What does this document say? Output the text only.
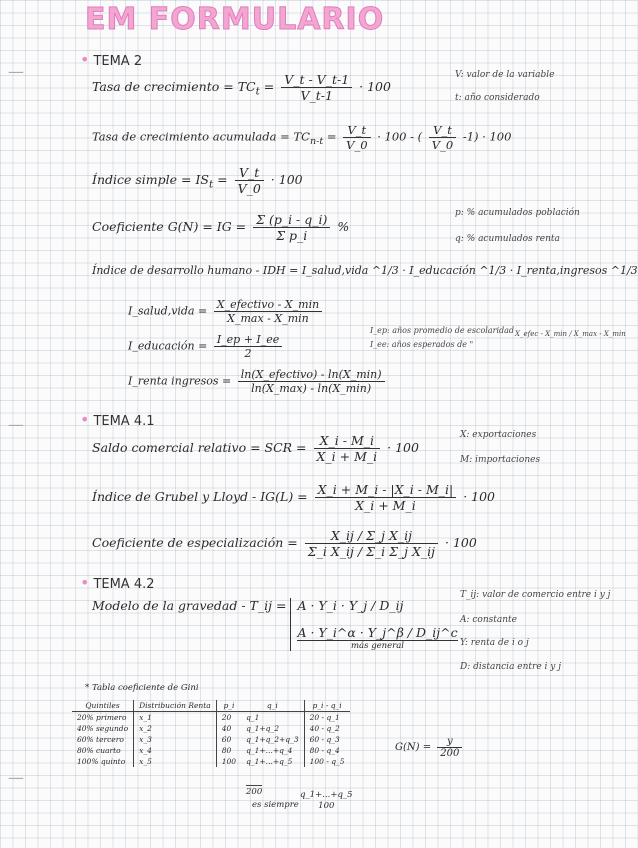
EM FORMULARIO
—
—
—
• TEMA 2
Tasa de crecimiento = $TC_t = \frac{V\_t - V\_t-1}{V\_t-1} \cdot 100$
V: valor de la variable
t: año considerado
Tasa de crecimiento acumulada = $TC_{n-t} = \frac{V\_t}{V\_0} \cdot 100$ - ( $\frac{V\_t}{V\_0} -1) \cdot 100$
Índice simple = $IS_t = \frac{V\_t}{V\_0} \cdot 100$
Coeficiente G(N) = IG = $\frac{\Sigma (p\_i - q\_i)}{\text{Σ p\_i}}$ %
p: % acumulados población
q: % acumulados renta
Índice de desarrollo humano - IDH = I_salud,vida ^1/3 · I_educación ^1/3 · I_renta,ingresos ^1/3
I_salud,vida = $\frac{\text{X\_efectivo - X\_min}}{X\_\max - X\_\min}$
I_educación = $\frac{I\_ep + I\_ee}{2}$
I_ep: años promedio de escolaridad
I_ee: años esperados de "
X_efec - X_min / X_max - X_min
I_renta ingresos = $\frac{\text{ln(X\_efectivo) - ln(X\_min)}}{\ln(X\_\max) - \ln(X\_\min)}$
• TEMA 4.1
Saldo comercial relativo = SCR = $\frac{X\_i - M\_i}{X\_i + M\_i} \cdot 100$
X: exportaciones
M: importaciones
Índice de Grubel y Lloyd - $IG(L) = \frac{X\_i + M\_i - |X\_i - M\_i|}{X\_i + M\_i} \cdot 100$
Coeficiente de especialización = $\frac{\text{X\_ij / Σ\_j X\_ij}}{\text{Σ\_i X\_ij / Σ\_i Σ\_j X\_ij}} \cdot 100$
• TEMA 4.2
Modelo de la gravedad - T_ij = A · Y_i · Y_j / D_ij
A · Y_i^α · Y_j^β / D_ij^c
más general
T_ij: valor de comercio entre i y j
A: constante
Y: renta de i o j
D: distancia entre i y j
* Tabla coeficiente de Gini
Quintiles	Distribución Renta	p_i	q_i	p_i - q_i
20% primero	x_1	20	q_1	20 - q_1
40% segundo	x_2	40	q_1+q_2	40 - q_2
60% tercero	x_3	60	q_1+q_2+q_3	60 - q_3
80% cuarto	x_4	80	q_1+...+q_4	80 - q_4
100% quinto	x_5	100	q_1+...+q_5	100 - q_5
200
es siempre
q_1+...+q_5
100
$G(N) = \frac{y}{200}$
